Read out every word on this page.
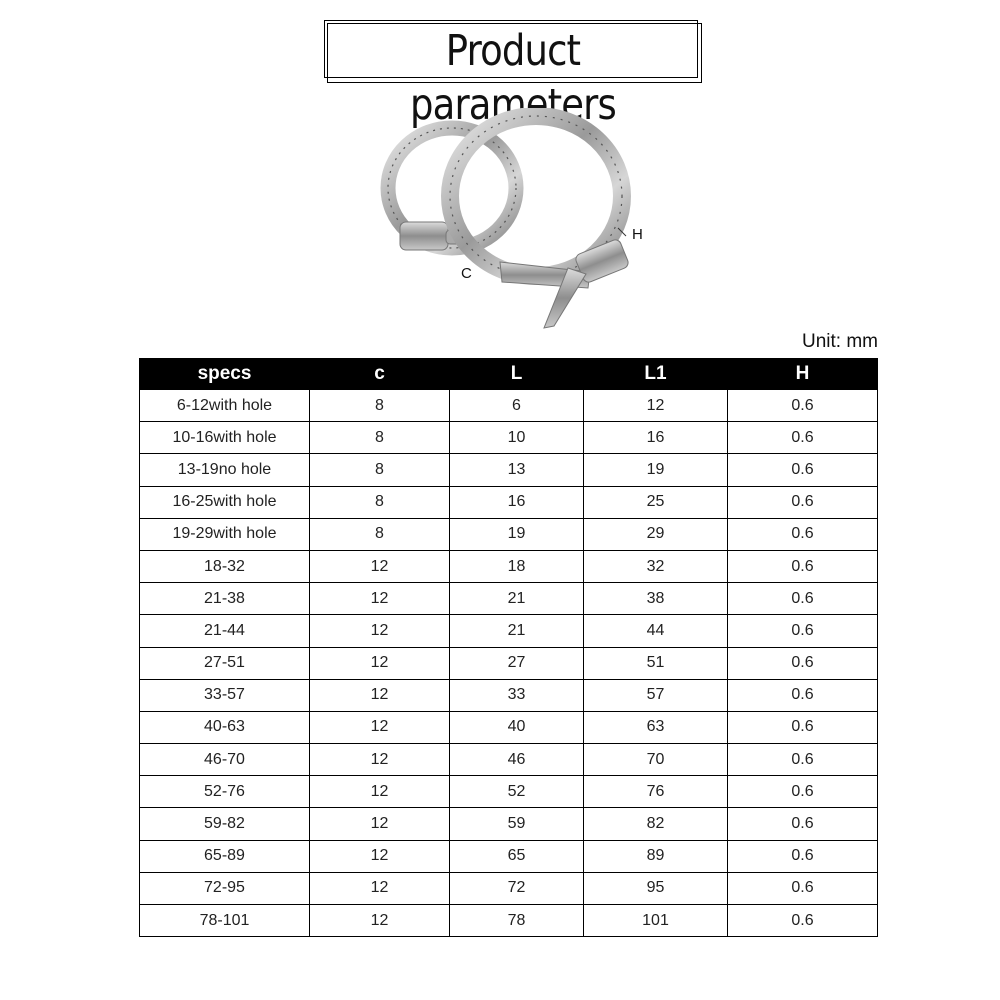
Product parameters
H
C
Unit: mm
specs	c	L	L1	H
6-12with hole	8	6	12	0.6
10-16with hole	8	10	16	0.6
13-19no hole	8	13	19	0.6
16-25with hole	8	16	25	0.6
19-29with hole	8	19	29	0.6
18-32	12	18	32	0.6
21-38	12	21	38	0.6
21-44	12	21	44	0.6
27-51	12	27	51	0.6
33-57	12	33	57	0.6
40-63	12	40	63	0.6
46-70	12	46	70	0.6
52-76	12	52	76	0.6
59-82	12	59	82	0.6
65-89	12	65	89	0.6
72-95	12	72	95	0.6
78-101	12	78	101	0.6
